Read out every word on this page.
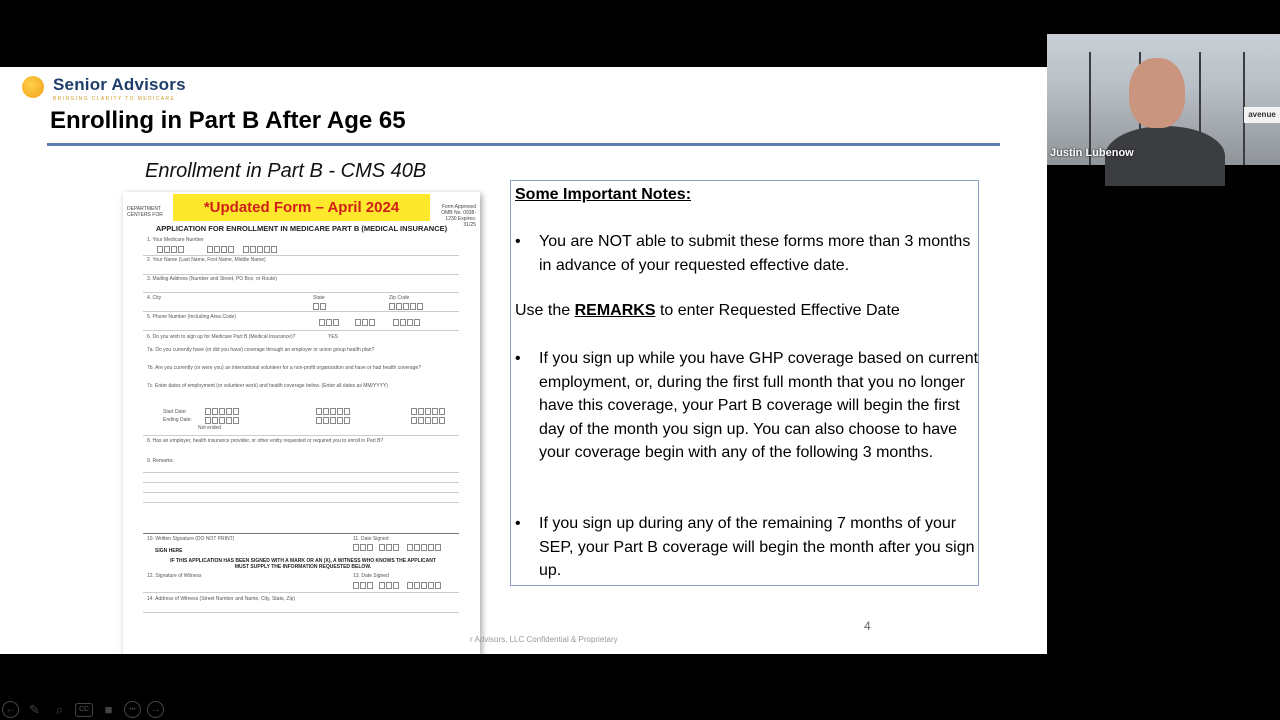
Senior Advisors
BRINGING CLARITY TO MEDICARE
Enrolling in Part B After Age 65
Enrollment in Part B - CMS 40B
DEPARTMENT CENTERS FOR
Form Approved OMB No. 0938-1230 Expires: 31/25
*Updated Form – April 2024
APPLICATION FOR ENROLLMENT IN MEDICARE PART B (MEDICAL INSURANCE)
1. Your Medicare Number
2. Your Name (Last Name, First Name, Middle Name)
3. Mailing Address (Number and Street, PO Box, or Route)
4. City	State	Zip Code
5. Phone Number (Including Area Code)
6. Do you wish to sign up for Medicare Part B (Medical Insurance)?	YES
7a. Do you currently have (or did you have) coverage through an employer or union group health plan?
7b. Are you currently (or were you) an international volunteer for a non-profit organization and have or had health coverage?
7c. Enter dates of employment (or volunteer work) and health coverage below. (Enter all dates as MM/YYYY)
Start Date:
Ending Date:
Not ended
8. Has an employer, health insurance provider, or other entity requested or required you to enroll in Part B?
9. Remarks:
10. Written Signature (DO NOT PRINT)	11. Date Signed
SIGN HERE
IF THIS APPLICATION HAS BEEN SIGNED WITH A MARK OR AN (X), A WITNESS WHO KNOWS THE APPLICANT MUST SUPPLY THE INFORMATION REQUESTED BELOW.
12. Signature of Witness	13. Date Signed
14. Address of Witness (Street Number and Name, City, State, Zip)
Some Important Notes:
•	You are NOT able to submit these forms more than 3 months in advance of your requested effective date.
Use the REMARKS to enter Requested Effective Date
•	If you sign up while you have GHP coverage based on current employment, or, during the first full month that you no longer have this coverage, your Part B coverage will begin the first day of the month you sign up. You can also choose to have your coverage begin with any of the following 3 months.
•	If you sign up during any of the remaining 7 months of your SEP, your Part B coverage will begin the month after you sign up.
4
r Advisors, LLC Confidential & Proprietary
←	✎	⌕	CC	■	•••	→
avenue
Justin Lubenow
